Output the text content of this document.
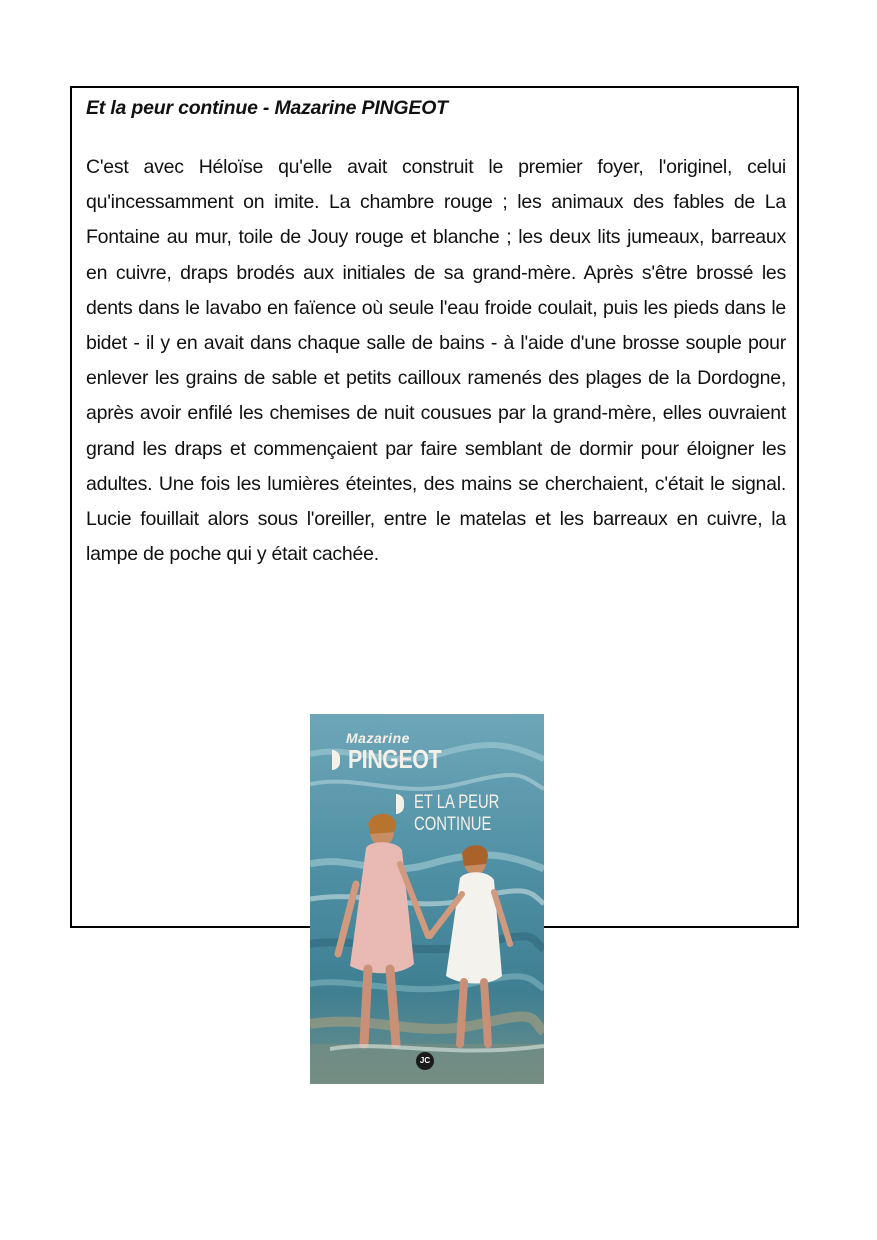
Et la peur continue - Mazarine PINGEOT

C'est avec Héloïse qu'elle avait construit le premier foyer, l'originel, celui qu'incessamment on imite. La chambre rouge ; les animaux des fables de La Fontaine au mur, toile de Jouy rouge et blanche ; les deux lits jumeaux, barreaux en cuivre, draps brodés aux initiales de sa grand-mère. Après s'être brossé les dents dans le lavabo en faïence où seule l'eau froide coulait, puis les pieds dans le bidet - il y en avait dans chaque salle de bains - à l'aide d'une brosse souple pour enlever les grains de sable et petits cailloux ramenés des plages de la Dordogne, après avoir enfilé les chemises de nuit cousues par la grand-mère, elles ouvraient grand les draps et commençaient par faire semblant de dormir pour éloigner les adultes. Une fois les lumières éteintes, des mains se cherchaient, c'était le signal. Lucie fouillait alors sous l'oreiller, entre le matelas et les barreaux en cuivre, la lampe de poche qui y était cachée.

Mazarine
PINGEOT
ET LA PEUR
CONTINUE
JC
